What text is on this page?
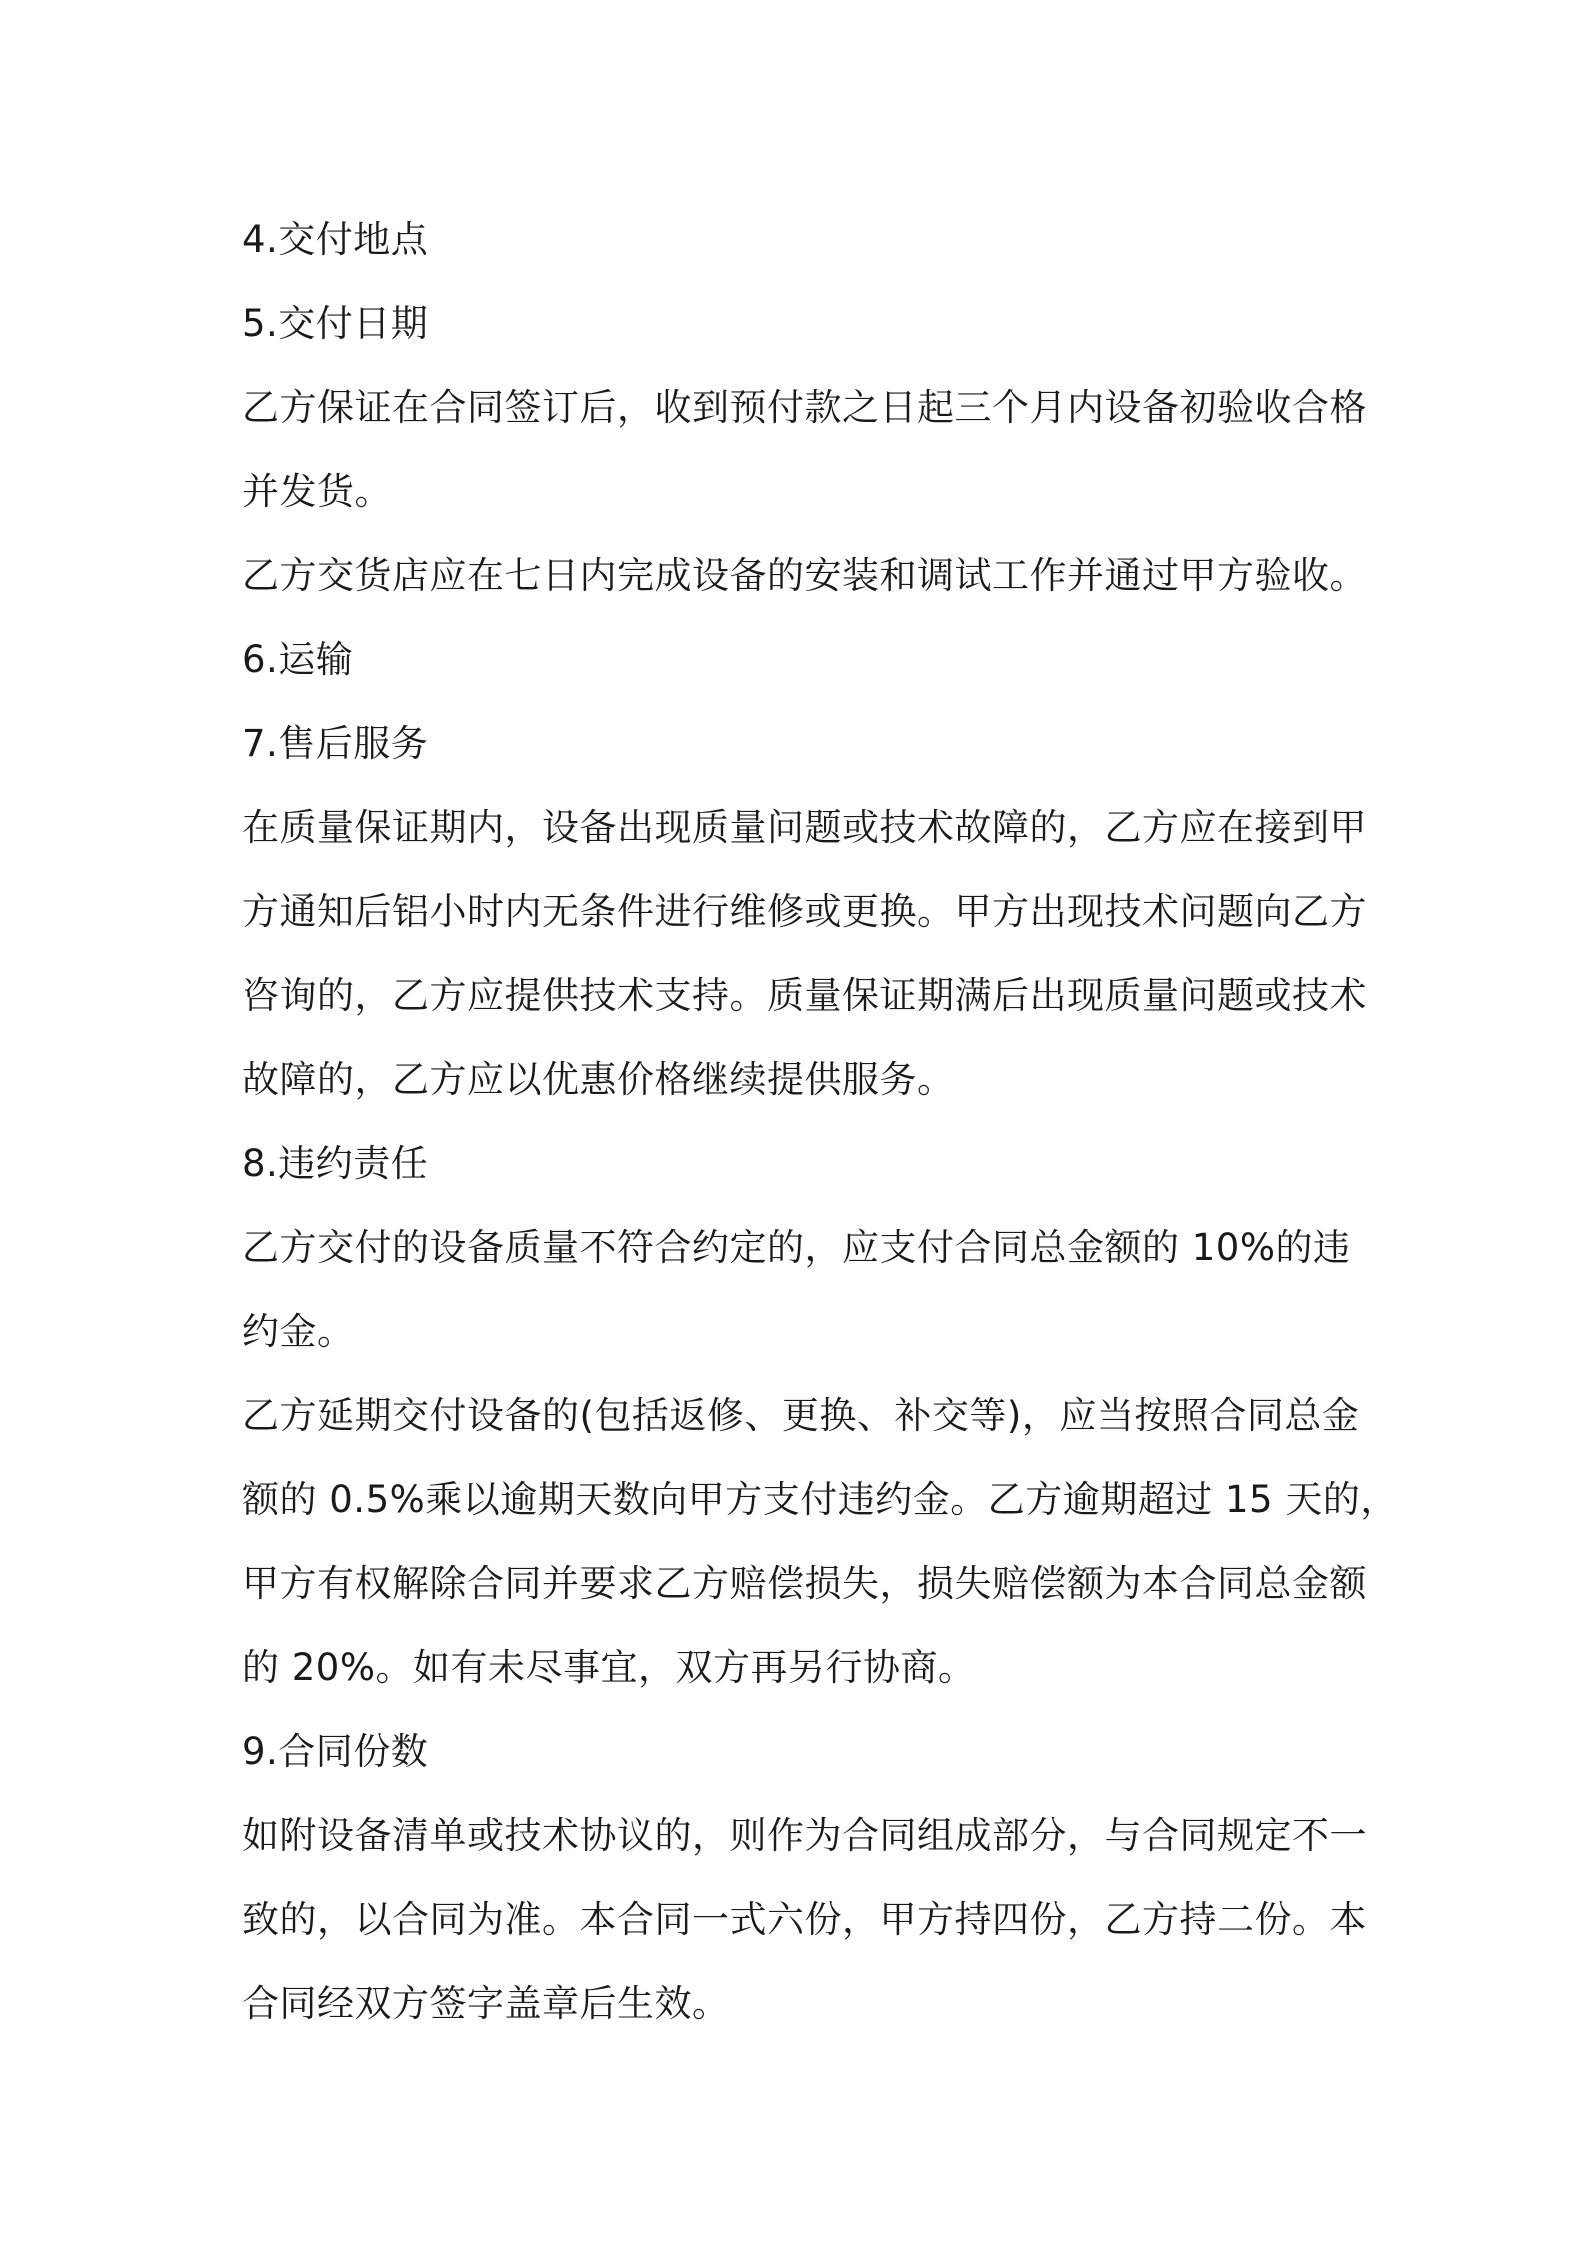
4.交付地点
5.交付日期
乙方保证在合同签订后，收到预付款之日起三个月内设备初验收合格
并发货。
乙方交货店应在七日内完成设备的安装和调试工作并通过甲方验收。
6.运输
7.售后服务
在质量保证期内，设备出现质量问题或技术故障的，乙方应在接到甲
方通知后铝小时内无条件进行维修或更换。甲方出现技术问题向乙方
咨询的，乙方应提供技术支持。质量保证期满后出现质量问题或技术
故障的，乙方应以优惠价格继续提供服务。
8.违约责任
乙方交付的设备质量不符合约定的，应支付合同总金额的 10%的违
约金。
乙方延期交付设备的(包括返修、更换、补交等)，应当按照合同总金
额的 0.5%乘以逾期天数向甲方支付违约金。乙方逾期超过 15 天的，
甲方有权解除合同并要求乙方赔偿损失，损失赔偿额为本合同总金额
的 20%。如有未尽事宜，双方再另行协商。
9.合同份数
如附设备清单或技术协议的，则作为合同组成部分，与合同规定不一
致的，以合同为准。本合同一式六份，甲方持四份，乙方持二份。本
合同经双方签字盖章后生效。
